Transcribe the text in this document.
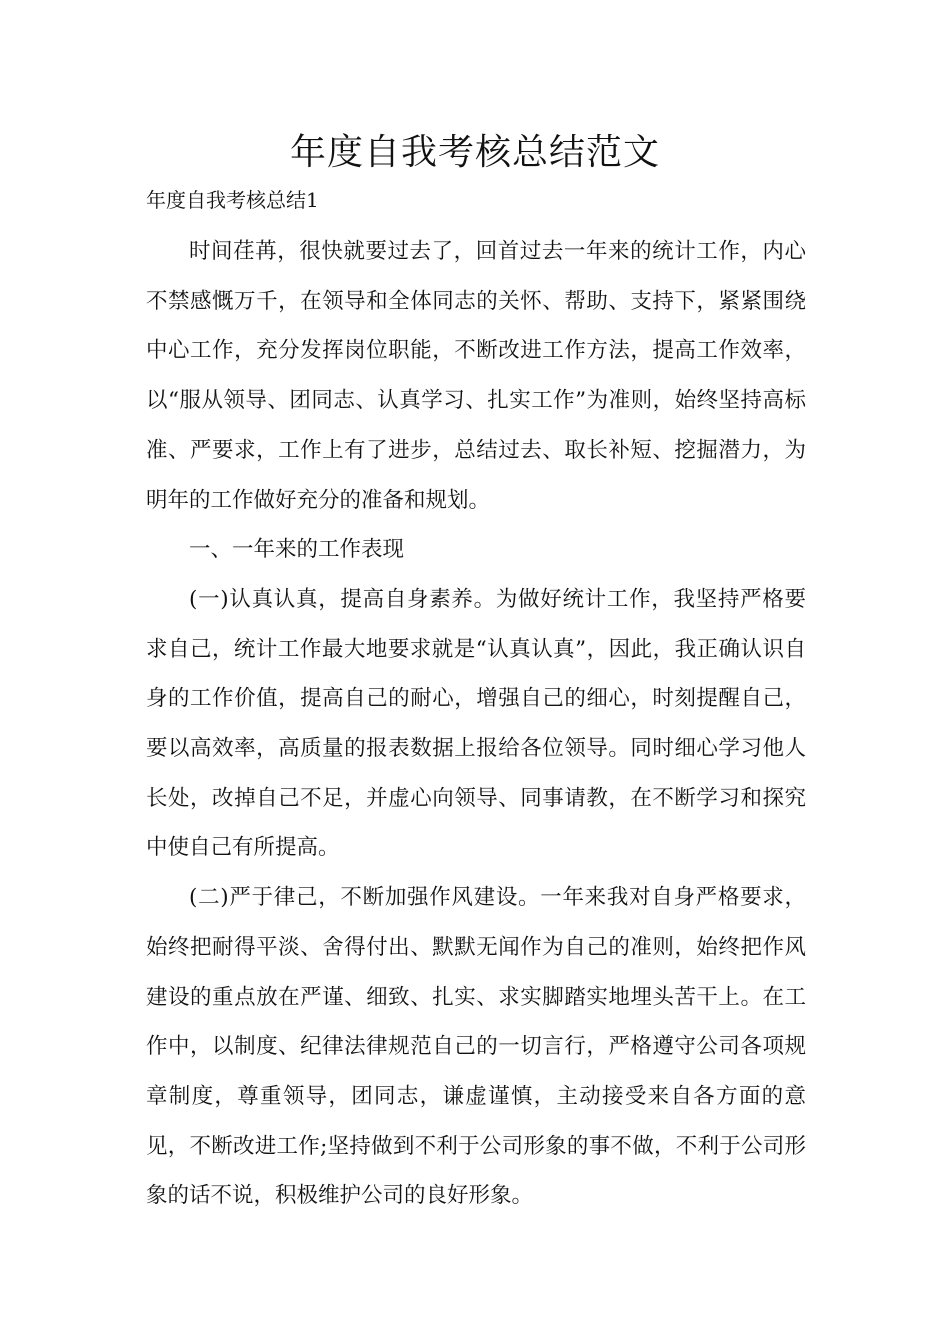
年度自我考核总结范文

年度自我考核总结1

时间荏苒，很快就要过去了，回首过去一年来的统计工作，内心不禁感慨万千，在领导和全体同志的关怀、帮助、支持下，紧紧围绕中心工作，充分发挥岗位职能，不断改进工作方法，提高工作效率，以“服从领导、团同志、认真学习、扎实工作”为准则，始终坚持高标准、严要求，工作上有了进步，总结过去、取长补短、挖掘潜力，为明年的工作做好充分的准备和规划。

一、一年来的工作表现

(一)认真认真，提高自身素养。为做好统计工作，我坚持严格要求自己，统计工作最大地要求就是“认真认真”，因此，我正确认识自身的工作价值，提高自己的耐心，增强自己的细心，时刻提醒自己，要以高效率，高质量的报表数据上报给各位领导。同时细心学习他人长处，改掉自己不足，并虚心向领导、同事请教，在不断学习和探究中使自己有所提高。

(二)严于律己，不断加强作风建设。一年来我对自身严格要求，始终把耐得平淡、舍得付出、默默无闻作为自己的准则，始终把作风建设的重点放在严谨、细致、扎实、求实脚踏实地埋头苦干上。在工作中，以制度、纪律法律规范自己的一切言行，严格遵守公司各项规章制度，尊重领导，团同志，谦虚谨慎，主动接受来自各方面的意见，不断改进工作;坚持做到不利于公司形象的事不做，不利于公司形象的话不说，积极维护公司的良好形象。
